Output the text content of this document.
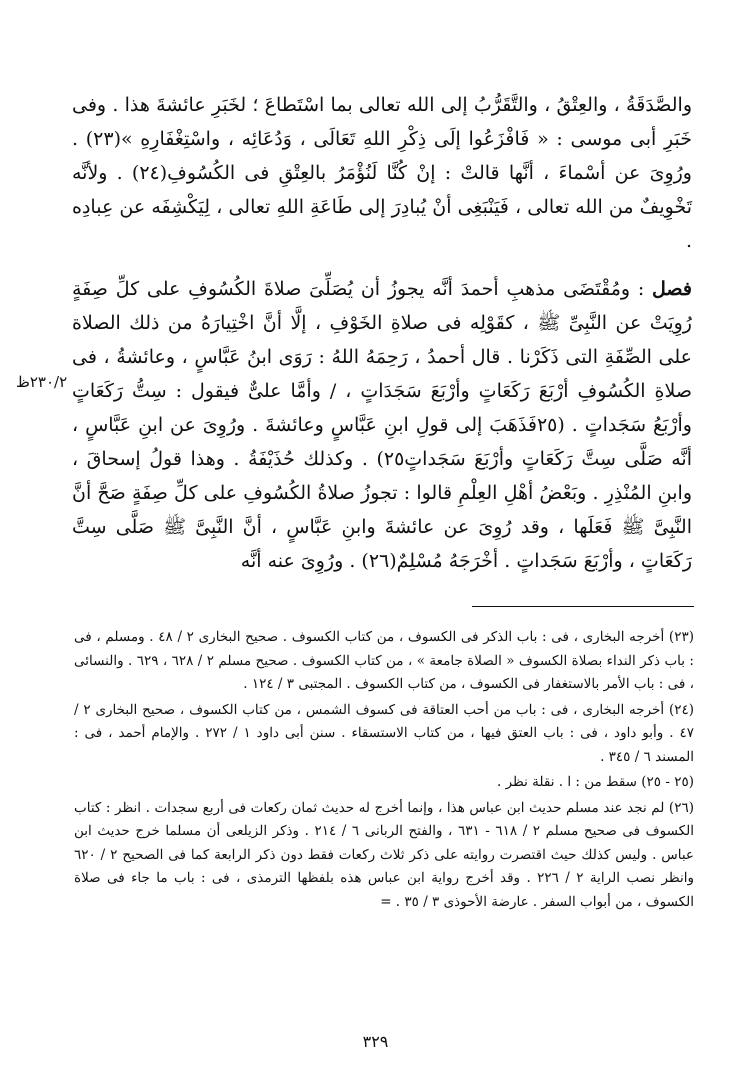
والصَّدَقَةُ ، والعِتْقُ ، والتَّقَرُّبُ إلى الله تعالى بما اسْتَطاعَ ؛ لخَبَرِ عائشةَ هذا . وفى خَبَرِ أبى موسى : « فَافْزَعُوا إلَى ذِكْرِ اللهِ تَعَالَى ، وَدُعَائِه ، واسْتِغْفَارِهِ »(٢٣) . ورُوِىَ عن أسْماءَ ، أنَّها قالتْ : إنْ كُنَّا لَنُؤْمَرُ بالعِتْقِ فى الكُسُوفِ(٢٤) . ولأنَّه تَخْوِيفٌ من الله تعالى ، فَيَنْبَغِى أنْ يُبادِرَ إلى طَاعَةِ اللهِ تعالى ، لِيَكْشِفَه عن عِبادِه .

فصل : ومُقْتَضَى مذهبِ أحمدَ أنَّه يجوزُ أن يُصَلِّىَ صلاةَ الكُسُوفِ على كلِّ صِفَةٍ رُوِيَتْ عن النَّبِىِّ ﷺ ، كقَوْلِه فى صلاةِ الخَوْفِ ، إلَّا أنَّ اخْتِيارَهُ من ذلك الصلاة على الصِّفَةِ التى ذَكَرْنا . قال أحمدُ ، رَحِمَهُ اللهُ : رَوَى ابنُ عَبَّاسٍ ، وعائشةُ ، فى صلاةِ الكُسُوفِ أرْبَعَ رَكَعَاتٍ وأرْبَعَ سَجَدَاتٍ ، / وأمَّا علىٌّ فيقول : سِتُّ رَكَعَاتٍ وأرْبَعُ سَجَداتٍ . (٢٥فَذَهَبَ إلى قولِ ابنِ عَبَّاسٍ وعائشةَ . ورُوِىَ عن ابنِ عَبَّاسٍ ، أنَّه صَلَّى سِتَّ رَكَعَاتٍ وأرْبَعَ سَجَداتٍ٢٥) . وكذلك حُذَيْفَةُ . وهذا قولُ إسحاقَ ، وابنِ المُنْذِرِ . وبَعْضُ أهْلِ العِلْمِ قالوا : تجوزُ صلاةُ الكُسُوفِ على كلِّ صِفَةٍ صَحَّ أنَّ النَّبِىَّ ﷺ فَعَلَها ، وقد رُوِىَ عن عائشةَ وابنِ عَبَّاسٍ ، أنَّ النَّبِىَّ ﷺ صَلَّى سِتَّ رَكَعَاتٍ ، وأرْبَعَ سَجَداتٍ . أخْرَجَهُ مُسْلِمٌ(٢٦) . ورُوِىَ عنه أنَّه

٢٣٠/٢ظ

(٢٣) أخرجه البخارى ، فى : باب الذكر فى الكسوف ، من كتاب الكسوف . صحيح البخارى ٢ / ٤٨ . ومسلم ، فى : باب ذكر النداء بصلاة الكسوف « الصلاة جامعة » ، من كتاب الكسوف . صحيح مسلم ٢ / ٦٢٨ ، ٦٢٩ . والنسائى ، فى : باب الأمر بالاستغفار فى الكسوف ، من كتاب الكسوف . المجتبى ٣ / ١٢٤ .

(٢٤) أخرجه البخارى ، فى : باب من أحب العتاقة فى كسوف الشمس ، من كتاب الكسوف ، صحيح البخارى ٢ / ٤٧ . وأبو داود ، فى : باب العتق فيها ، من كتاب الاستسقاء . سنن أبى داود ١ / ٢٧٢ . والإمام أحمد ، فى : المسند ٦ / ٣٤٥ .

(٢٥ - ٢٥) سقط من : ا . نقلة نظر .

(٢٦) لم نجد عند مسلم حديث ابن عباس هذا ، وإنما أخرج له حديث ثمان ركعات فى أربع سجدات . انظر : كتاب الكسوف فى صحيح مسلم ٢ / ٦١٨ - ٦٣١ ، والفتح الربانى ٦ / ٢١٤ . وذكر الزيلعى أن مسلما خرج حديث ابن عباس . وليس كذلك حيث اقتصرت روايته على ذكر ثلاث ركعات فقط دون ذكر الرابعة كما فى الصحيح ٢ / ٦٢٠ وانظر نصب الراية ٢ / ٢٢٦ . وقد أخرج رواية ابن عباس هذه بلفظها الترمذى ، فى : باب ما جاء فى صلاة الكسوف ، من أبواب السفر . عارضة الأحوذى ٣ / ٣٥ . =

٣٢٩
